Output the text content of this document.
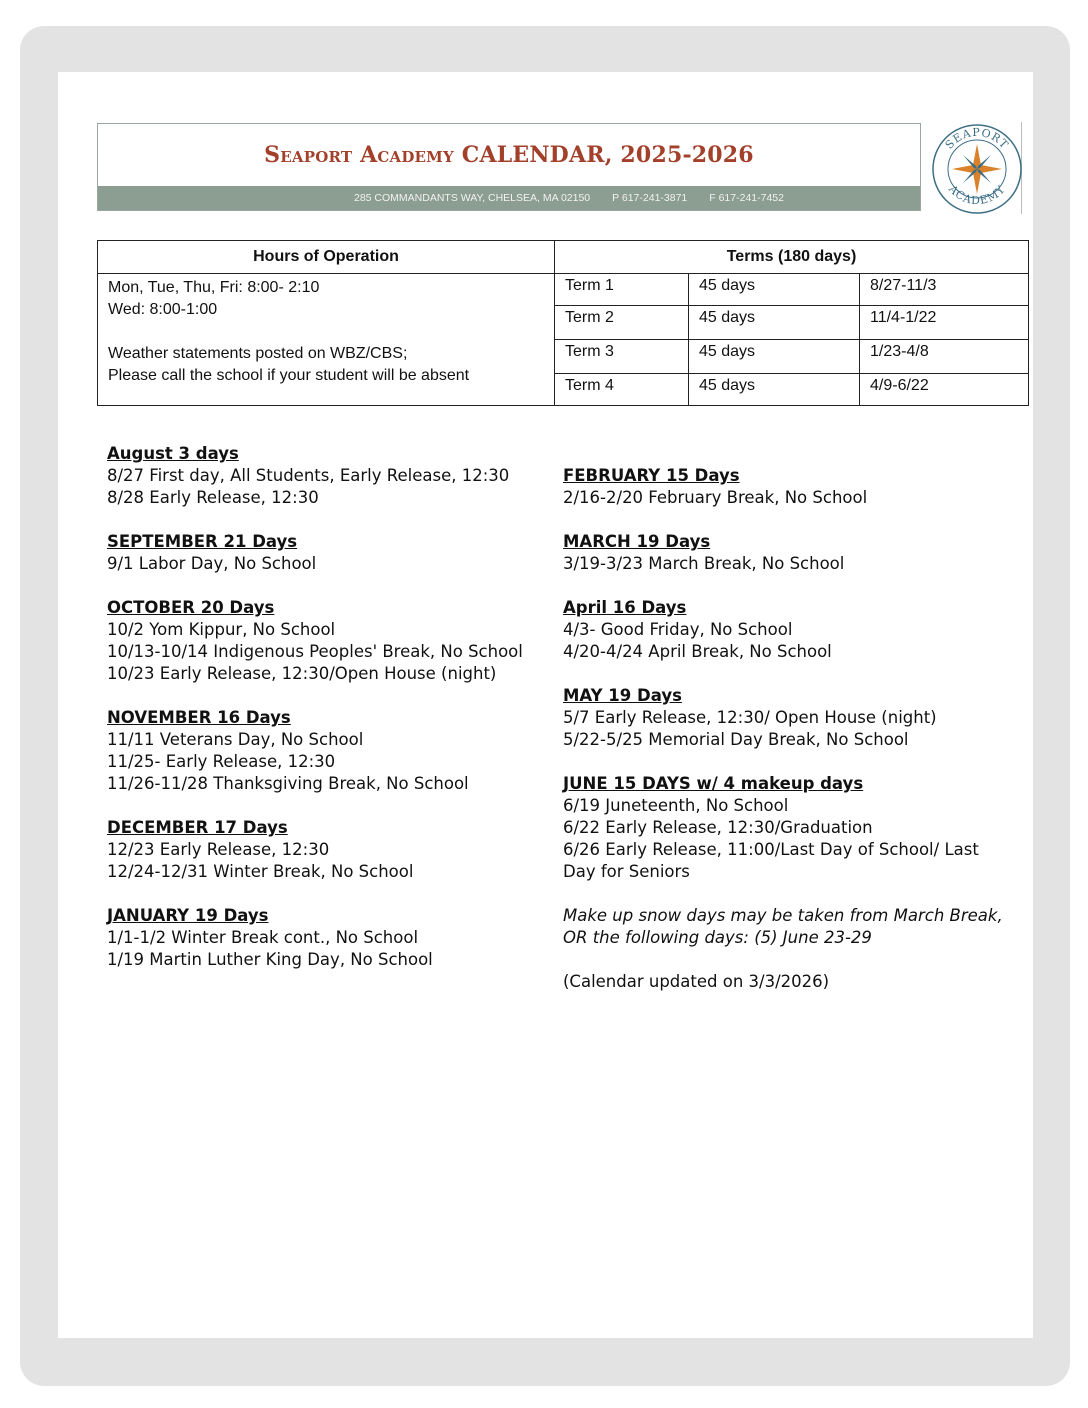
Seaport Academy CALENDAR, 2025-2026
285 COMMANDANTS WAY, CHELSEA, MA 02150 P 617-241-3871 F 617-241-7452
SEAPORT
ACADEMY
Hours of Operation	Terms (180 days)		

Mon, Tue, Thu, Fri: 8:00- 2:10

Wed: 8:00-1:00

Weather statements posted on WBZ/CBS;

Please call the school if your student will be absent	Term 1	45 days	8/27-11/3
	Term 2	45 days	11/4-1/22
	Term 3	45 days	1/23-4/8
	Term 4	45 days	4/9-6/22
August 3 days

8/27 First day, All Students, Early Release, 12:30

8/28 Early Release, 12:30

SEPTEMBER 21 Days

9/1 Labor Day, No School

OCTOBER 20 Days

10/2 Yom Kippur, No School

10/13-10/14 Indigenous Peoples' Break, No School

10/23 Early Release, 12:30/Open House (night)

NOVEMBER 16 Days

11/11 Veterans Day, No School

11/25- Early Release, 12:30

11/26-11/28 Thanksgiving Break, No School

DECEMBER 17 Days

12/23 Early Release, 12:30

12/24-12/31 Winter Break, No School

JANUARY 19 Days

1/1-1/2 Winter Break cont., No School

1/19 Martin Luther King Day, No School

FEBRUARY 15 Days

2/16-2/20 February Break, No School

MARCH 19 Days

3/19-3/23 March Break, No School

April 16 Days

4/3- Good Friday, No School

4/20-4/24 April Break, No School

MAY 19 Days

5/7 Early Release, 12:30/ Open House (night)

5/22-5/25 Memorial Day Break, No School

JUNE 15 DAYS w/ 4 makeup days

6/19 Juneteenth, No School

6/22 Early Release, 12:30/Graduation

6/26 Early Release, 11:00/Last Day of School/ Last Day for Seniors

Make up snow days may be taken from March Break, OR the following days: (5) June 23-29

(Calendar updated on 3/3/2026)
